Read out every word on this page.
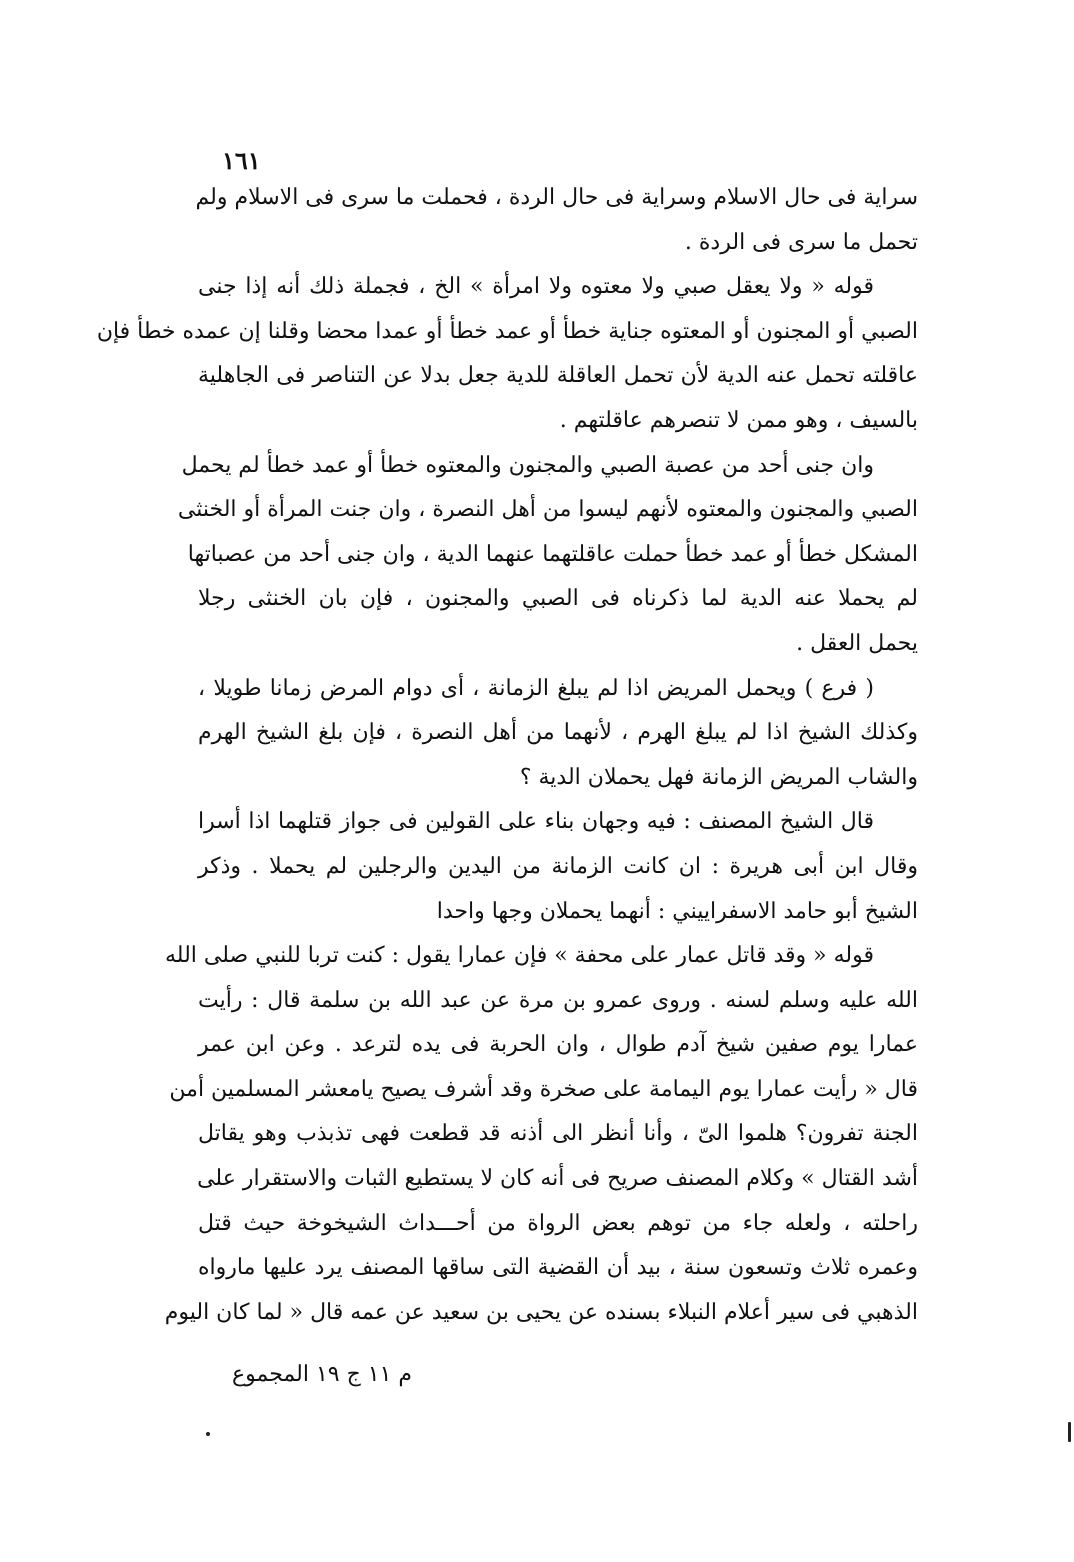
١٦١
سراية فى حال الاسلام وسراية فى حال الردة ، فحملت ما سرى فى الاسلام ولم
تحمل ما سرى فى الردة .
قوله « ولا يعقل صبي ولا معتوه ولا امرأة » الخ ، فجملة ذلك أنه إذا جنى
الصبي أو المجنون أو المعتوه جناية خطأ أو عمد خطأ أو عمدا محضا وقلنا إن عمده خطأ فإن
عاقلته تحمل عنه الدية لأن تحمل العاقلة للدية جعل بدلا عن التناصر فى الجاهلية
بالسيف ، وهو ممن لا تنصرهم عاقلتهم .
وان جنى أحد من عصبة الصبي والمجنون والمعتوه خطأ أو عمد خطأ لم يحمل
الصبي والمجنون والمعتوه لأنهم ليسوا من أهل النصرة ، وان جنت المرأة أو الخنثى
المشكل خطأ أو عمد خطأ حملت عاقلتهما عنهما الدية ، وان جنى أحد من عصباتها
لم يحملا عنه الدية لما ذكرناه فى الصبي والمجنون ، فإن بان الخنثى رجلا
يحمل العقل .
( فرع ) ويحمل المريض اذا لم يبلغ الزمانة ، أى دوام المرض زمانا طويلا ،
وكذلك الشيخ اذا لم يبلغ الهرم ، لأنهما من أهل النصرة ، فإن بلغ الشيخ الهرم
والشاب المريض الزمانة فهل يحملان الدية ؟
قال الشيخ المصنف : فيه وجهان بناء على القولين فى جواز قتلهما اذا أسرا
وقال ابن أبى هريرة : ان كانت الزمانة من اليدين والرجلين لم يحملا . وذكر
الشيخ أبو حامد الاسفراييني : أنهما يحملان وجها واحدا
قوله « وقد قاتل عمار على محفة » فإن عمارا يقول : كنت تربا للنبي صلى الله
الله عليه وسلم لسنه . وروى عمرو بن مرة عن عبد الله بن سلمة قال : رأيت
عمارا يوم صفين شيخ آدم طوال ، وان الحربة فى يده لترعد . وعن ابن عمر
قال « رأيت عمارا يوم اليمامة على صخرة وقد أشرف يصيح يامعشر المسلمين أمن
الجنة تفرون؟ هلموا الىّ ، وأنا أنظر الى أذنه قد قطعت فهى تذبذب وهو يقاتل
أشد القتال » وكلام المصنف صريح فى أنه كان لا يستطيع الثبات والاستقرار على
راحلته ، ولعله جاء من توهم بعض الرواة من أحـــداث الشيخوخة حيث قتل
وعمره ثلاث وتسعون سنة ، بيد أن القضية التى ساقها المصنف يرد عليها مارواه
الذهبي فى سير أعلام النبلاء بسنده عن يحيى بن سعيد عن عمه قال « لما كان اليوم
م ١١ ج ١٩ المجموع
